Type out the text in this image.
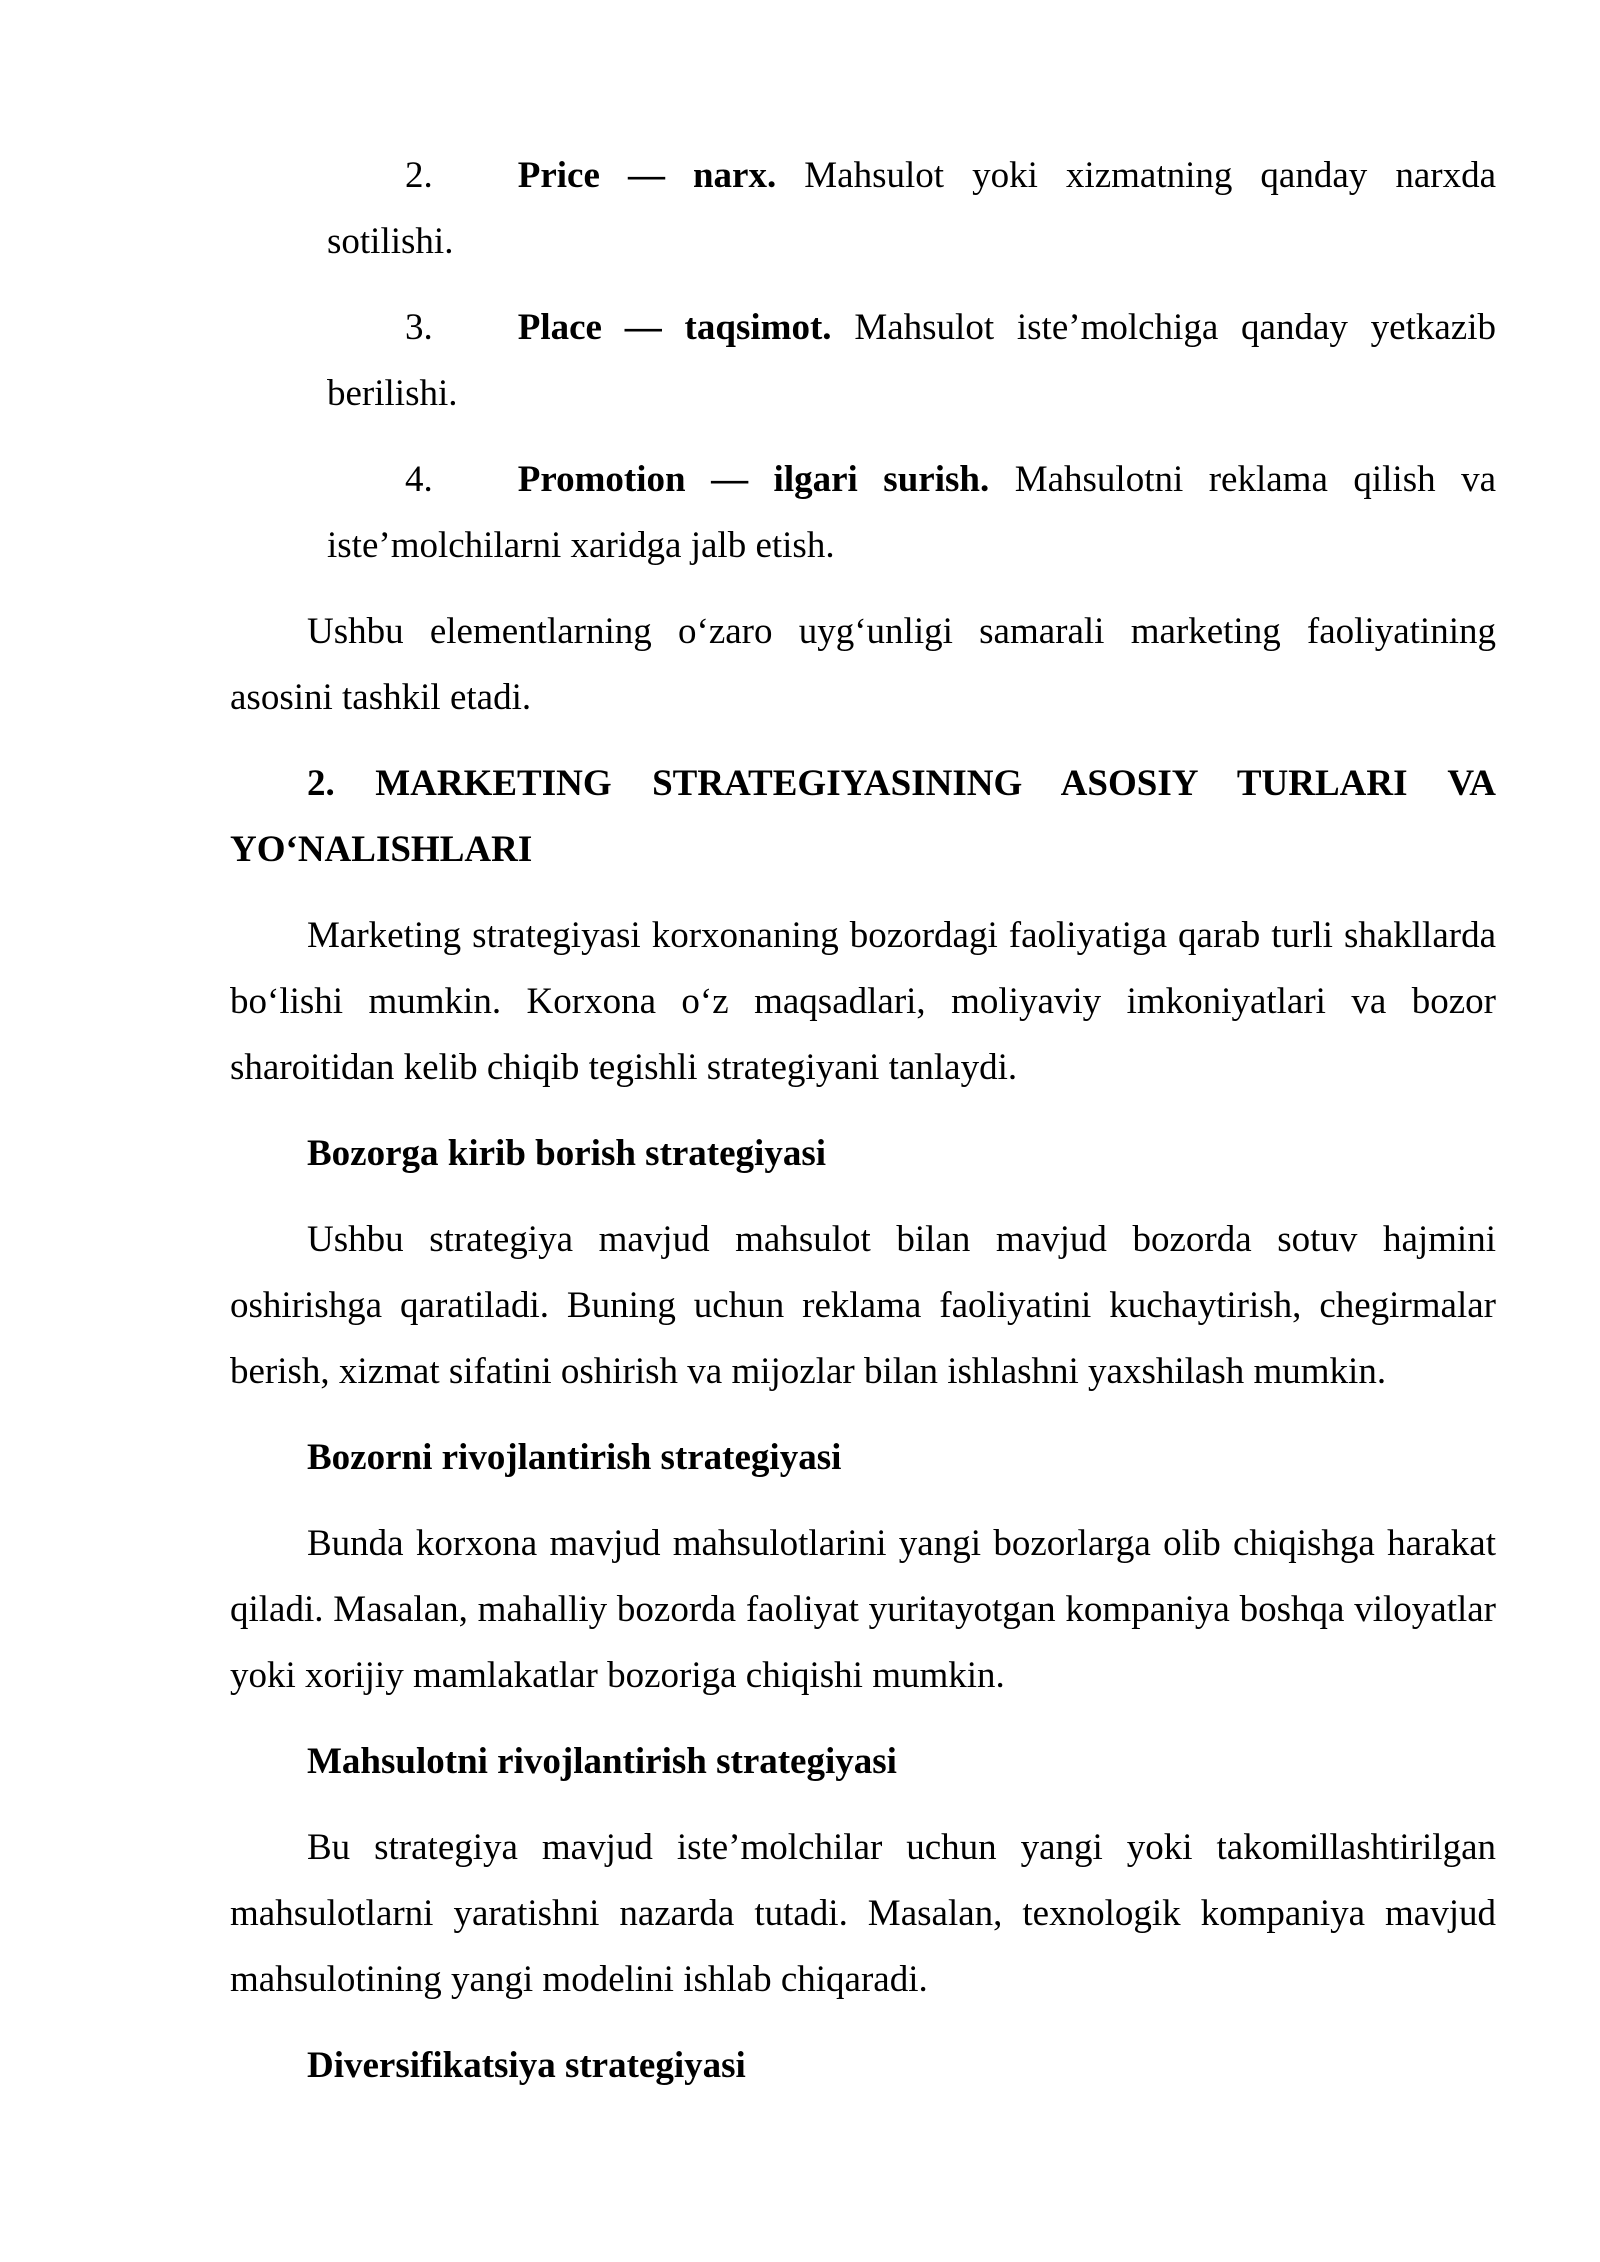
2. Price — narx. Mahsulot yoki xizmatning qanday narxda
sotilishi.
3. Place — taqsimot. Mahsulot iste’molchiga qanday yetkazib
berilishi.
4. Promotion — ilgari surish. Mahsulotni reklama qilish va
iste’molchilarni xaridga jalb etish.

Ushbu elementlarning o‘zaro uyg‘unligi samarali marketing faoliyatining asosini tashkil etadi.

2. MARKETING STRATEGIYASINING ASOSIY TURLARI VA YO‘NALISHLARI

Marketing strategiyasi korxonaning bozordagi faoliyatiga qarab turli shakllarda bo‘lishi mumkin. Korxona o‘z maqsadlari, moliyaviy imkoniyatlari va bozor sharoitidan kelib chiqib tegishli strategiyani tanlaydi.

Bozorga kirib borish strategiyasi

Ushbu strategiya mavjud mahsulot bilan mavjud bozorda sotuv hajmini oshirishga qaratiladi. Buning uchun reklama faoliyatini kuchaytirish, chegirmalar berish, xizmat sifatini oshirish va mijozlar bilan ishlashni yaxshilash mumkin.

Bozorni rivojlantirish strategiyasi

Bunda korxona mavjud mahsulotlarini yangi bozorlarga olib chiqishga harakat qiladi. Masalan, mahalliy bozorda faoliyat yuritayotgan kompaniya boshqa viloyatlar yoki xorijiy mamlakatlar bozoriga chiqishi mumkin.

Mahsulotni rivojlantirish strategiyasi

Bu strategiya mavjud iste’molchilar uchun yangi yoki takomillashtirilgan mahsulotlarni yaratishni nazarda tutadi. Masalan, texnologik kompaniya mavjud mahsulotining yangi modelini ishlab chiqaradi.

Diversifikatsiya strategiyasi
